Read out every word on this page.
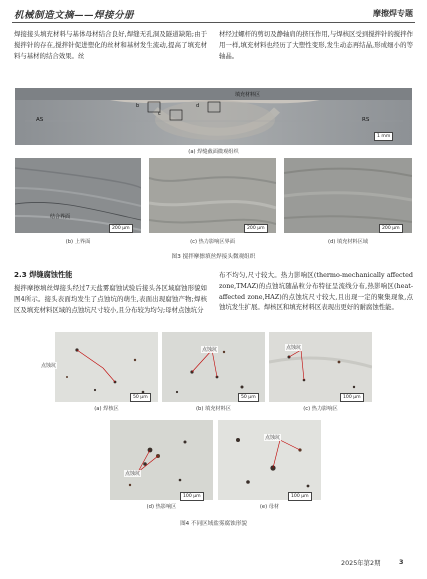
机械制造文摘——焊接分册	摩擦焊专题
焊接接头填充材料与基体母材结合良好,焊缝无孔洞及隧道缺陷;由于搅拌针的存在,搅拌针促进塑化的丝材和基材发生流动,提高了填充材料与基材的结合效果。丝
材经过螺杆的剪切及静轴肩的挤压作用,与焊核区受到搅拌针的搅拌作用一样,填充材料也经历了大塑性变形,发生动态再结晶,形成细小的等轴晶。
填充材料区
AS	RS
b
c
d
1 mm
(a) 焊缝截面微观组织
结合界面
200 μm	200 μm	200 μm
(b) 上界面	(c) 热力影响区界面	(d) 填充材料区域
图3 搅拌摩擦填丝焊接头微观组织
2.3 焊缝腐蚀性能
搅拌摩擦填丝焊接头经过7天盐雾腐蚀试验后接头各区域腐蚀形貌如图4所示。接头表面均发生了点蚀坑的萌生,表面出现腐蚀产物;焊核区及填充材料区域的点蚀坑尺寸较小,且分布较为均匀;母材点蚀坑分
布不均匀,尺寸较大。热力影响区(thermo-mechanically affected zone,TMAZ)的点蚀坑随晶粒分布特征呈流线分布,热影响区(heat-affected zone,HAZ)的点蚀坑尺寸较大,且出现一定的聚集现象,点蚀坑发生扩展。焊核区和填充材料区表现出更好的耐腐蚀性能。
点蚀坑
50 μm
点蚀坑
50 μm
点蚀坑
100 μm
(a) 焊核区	(b) 填充材料区	(c) 热力影响区
点蚀坑
100 μm
点蚀坑
100 μm
(d) 热影响区	(e) 母材
图4 不同区域盐雾腐蚀形貌
2025年第2期	3
